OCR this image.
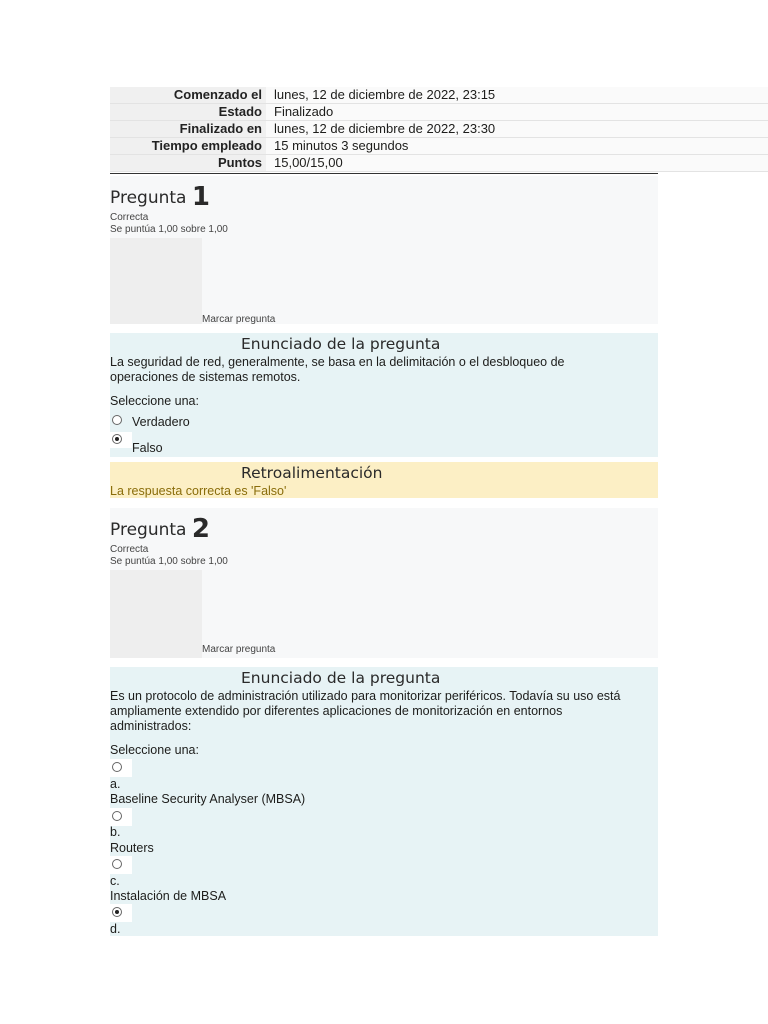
Comenzado el	lunes, 12 de diciembre de 2022, 23:15
Estado	Finalizado
Finalizado en	lunes, 12 de diciembre de 2022, 23:30
Tiempo empleado	15 minutos 3 segundos
Puntos	15,00/15,00
Pregunta 1
Correcta
Se puntúa 1,00 sobre 1,00
Marcar pregunta
Enunciado de la pregunta
La seguridad de red, generalmente, se basa en la delimitación o el desbloqueo de operaciones de sistemas remotos.
Seleccione una:
Verdadero
Falso
Retroalimentación
La respuesta correcta es 'Falso'
Pregunta 2
Correcta
Se puntúa 1,00 sobre 1,00
Marcar pregunta
Enunciado de la pregunta
Es un protocolo de administración utilizado para monitorizar periféricos. Todavía su uso está ampliamente extendido por diferentes aplicaciones de monitorización en entornos administrados:
Seleccione una:
a.
Baseline Security Analyser (MBSA)
b.
Routers
c.
Instalación de MBSA
d.
